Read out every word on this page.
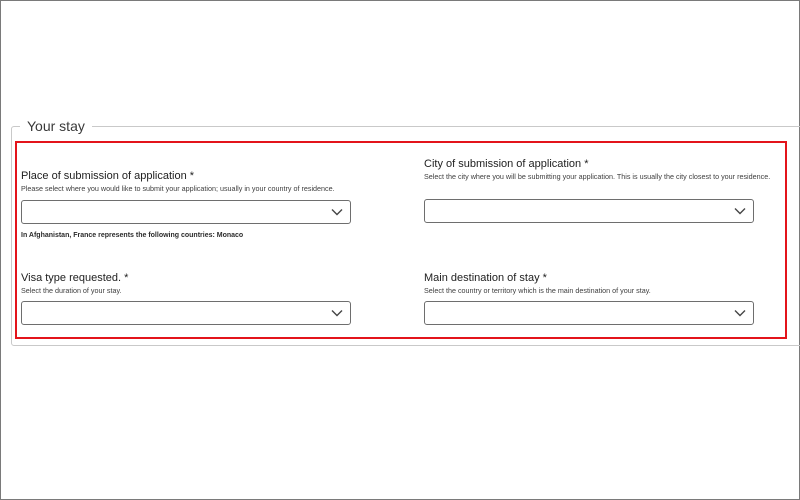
Your stay
Place of submission of application *
Please select where you would like to submit your application; usually in your country of residence.
In Afghanistan, France represents the following countries: Monaco
City of submission of application *
Select the city where you will be submitting your application. This is usually the city closest to your residence.
Visa type requested. *
Select the duration of your stay.
Main destination of stay *
Select the country or territory which is the main destination of your stay.
